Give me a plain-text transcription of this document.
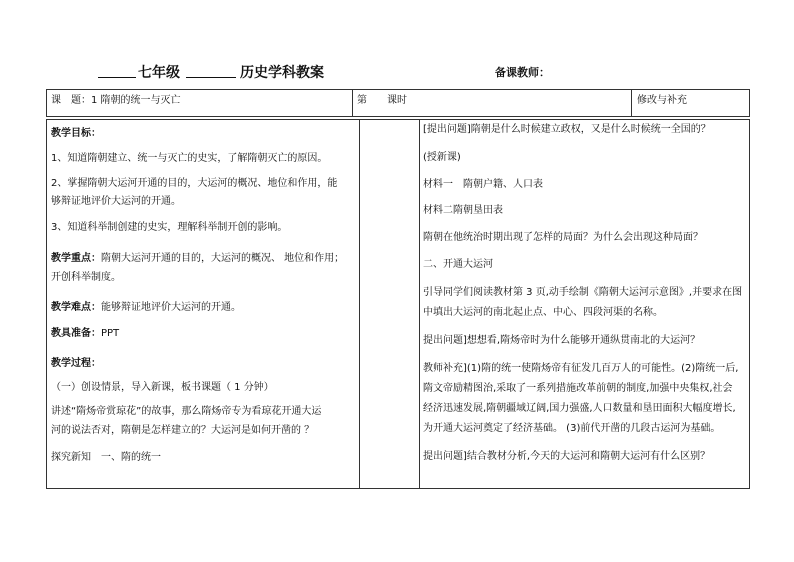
七年级	历史学科教案	备课教师：
课　题：1 隋朝的统一与灭亡	第　　课时	修改与补充

教学目标：

1、知道隋朝建立、统一与灭亡的史实，了解隋朝灭亡的原因。

2、掌握隋朝大运河开通的目的，大运河的概况、地位和作用，能

够辩证地评价大运河的开通。

3、知道科举制创建的史实，理解科举制开创的影响。

教学重点：隋朝大运河开通的目的，大运河的概况、 地位和作用；

开创科举制度。

教学难点：能够辩证地评价大运河的开通。

教具准备：PPT

教学过程：

（一）创设情景，导入新课，板书课题（ 1 分钟）

讲述“隋炀帝赏琼花”的故事，那么隋炀帝专为看琼花开通大运

河的说法否对，隋朝是怎样建立的？大运河是如何开凿的 ？

探究新知　一、隋的统一

[提出问题]隋朝是什么时候建立政权，又是什么时候统一全国的？

(授新课)

材料一　隋朝户籍、人口表

材料二隋朝垦田表

隋朝在他统治时期出现了怎样的局面？为什么会出现这种局面？

二、开通大运河

引导同学们阅读教材第 3 页,动手绘制《隋朝大运河示意图》,并要求在图

中填出大运河的南北起止点、中心、四段河渠的名称。

提出问题]想想看,隋炀帝时为什么能够开通纵贯南北的大运河？

教师补充](1)隋的统一使隋炀帝有征发几百万人的可能性。(2)隋统一后,

隋文帝励精图治,采取了一系列措施改革前朝的制度,加强中央集权,社会

经济迅速发展,隋朝疆域辽阔,国力强盛,人口数量和垦田面积大幅度增长,

为开通大运河奠定了经济基础。 (3)前代开凿的几段古运河为基础。

提出问题]结合教材分析,今天的大运河和隋朝大运河有什么区别？
